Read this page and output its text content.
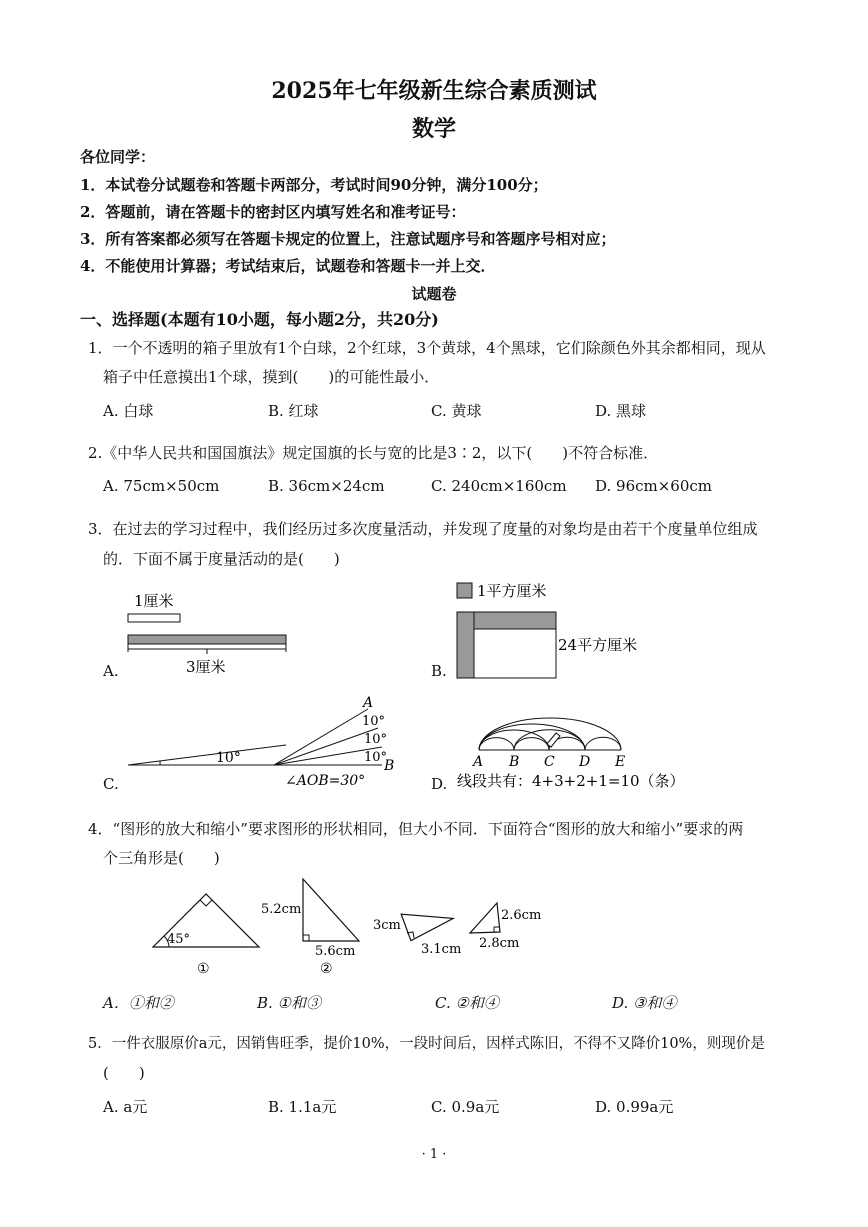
2025年七年级新生综合素质测试
数学
各位同学：
1．本试卷分试题卷和答题卡两部分，考试时间90分钟，满分100分；
2．答题前，请在答题卡的密封区内填写姓名和准考证号：
3．所有答案都必须写在答题卡规定的位置上，注意试题序号和答题序号相对应；
4．不能使用计算器；考试结束后，试题卷和答题卡一并上交．
试题卷
一、选择题(本题有10小题，每小题2分，共20分)
1．一个不透明的箱子里放有1个白球，2个红球，3个黄球，4个黑球，它们除颜色外其余都相同，现从
箱子中任意摸出1个球，摸到(　　)的可能性最小．
A. 白球	B. 红球	C. 黄球	D. 黑球
2.《中华人民共和国国旗法》规定国旗的长与宽的比是3∶2，以下(　　)不符合标准．
A. 75cm×50cm	B. 36cm×24cm	C. 240cm×160cm D. 96cm×60cm
3．在过去的学习过程中，我们经历过多次度量活动，并发现了度量的对象均是由若干个度量单位组成
的．下面不属于度量活动的是(　　)
A.
1厘米
3厘米	B.
1平方厘米
24平方厘米
C.
10°
A
B
10°
10°
10°
∠AOB=30°	D.
A B C D E
线段共有：4+3+2+1=10（条）
4．“图形的放大和缩小”要求图形的形状相同，但大小不同．下面符合“图形的放大和缩小”要求的两
个三角形是(　　)
45°
①
5.2cm
5.6cm
②
3cm
3.1cm
2.6cm
2.8cm
A．①和②	B. ①和③	C. ②和④	D. ③和④
5．一件衣服原价a元，因销售旺季，提价10%，一段时间后，因样式陈旧，不得不又降价10%，则现价是
(　　)
A. a元	B. 1.1a元	C. 0.9a元	D. 0.99a元
· 1 ·
